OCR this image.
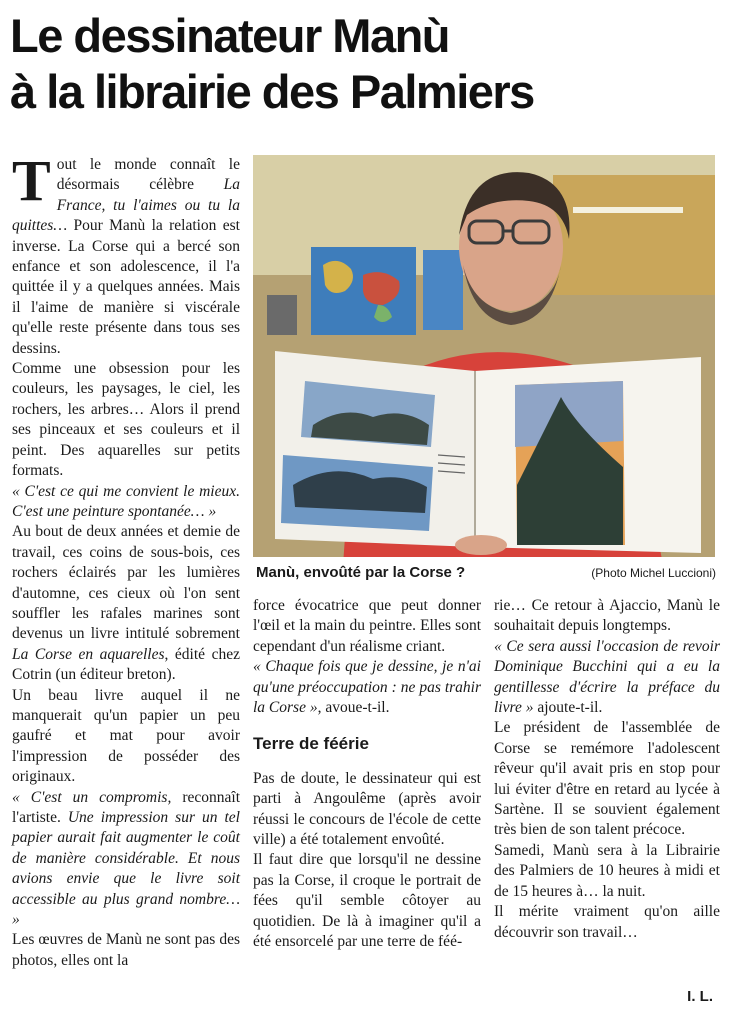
Le dessinateur Manù
à la librairie des Palmiers

Tout le monde connaît le désormais célèbre La France, tu l'aimes ou tu la quittes… Pour Manù la relation est inverse. La Corse qui a bercé son enfance et son adolescence, il l'a quittée il y a quelques années. Mais il l'aime de manière si viscérale qu'elle reste présente dans tous ses dessins.

Comme une obsession pour les couleurs, les paysages, le ciel, les rochers, les arbres… Alors il prend ses pinceaux et ses couleurs et il peint. Des aquarelles sur petits formats.

« C'est ce qui me convient le mieux. C'est une peinture spontanée… »

Au bout de deux années et demie de travail, ces coins de sous-bois, ces rochers éclairés par les lumières d'automne, ces cieux où l'on sent souffler les rafales marines sont devenus un livre intitulé sobrement La Corse en aquarelles, édité chez Cotrin (un éditeur breton).

Un beau livre auquel il ne manquerait qu'un papier un peu gaufré et mat pour avoir l'impression de posséder des originaux.

« C'est un compromis, reconnaît l'artiste. Une impression sur un tel papier aurait fait augmenter le coût de manière considérable. Et nous avions envie que le livre soit accessible au plus grand nombre… »

Les œuvres de Manù ne sont pas des photos, elles ont la

Manù, envoûté par la Corse ?	(Photo Michel Luccioni)

force évocatrice que peut donner l'œil et la main du peintre. Elles sont cependant d'un réalisme criant.

« Chaque fois que je dessine, je n'ai qu'une préoccupation : ne pas trahir la Corse », avoue-t-il.

Terre de féérie

Pas de doute, le dessinateur qui est parti à Angoulême (après avoir réussi le concours de l'école de cette ville) a été totalement envoûté.

Il faut dire que lorsqu'il ne dessine pas la Corse, il croque le portrait de fées qu'il semble côtoyer au quotidien. De là à imaginer qu'il a été ensorcelé par une terre de féé-

rie… Ce retour à Ajaccio, Manù le souhaitait depuis longtemps.

« Ce sera aussi l'occasion de revoir Dominique Bucchini qui a eu la gentillesse d'écrire la préface du livre » ajoute-t-il.

Le président de l'assemblée de Corse se remémore l'adolescent rêveur qu'il avait pris en stop pour lui éviter d'être en retard au lycée à Sartène. Il se souvient également très bien de son talent précoce.

Samedi, Manù sera à la Librairie des Palmiers de 10 heures à midi et de 15 heures à… la nuit.

Il mérite vraiment qu'on aille découvrir son travail…

I. L.
